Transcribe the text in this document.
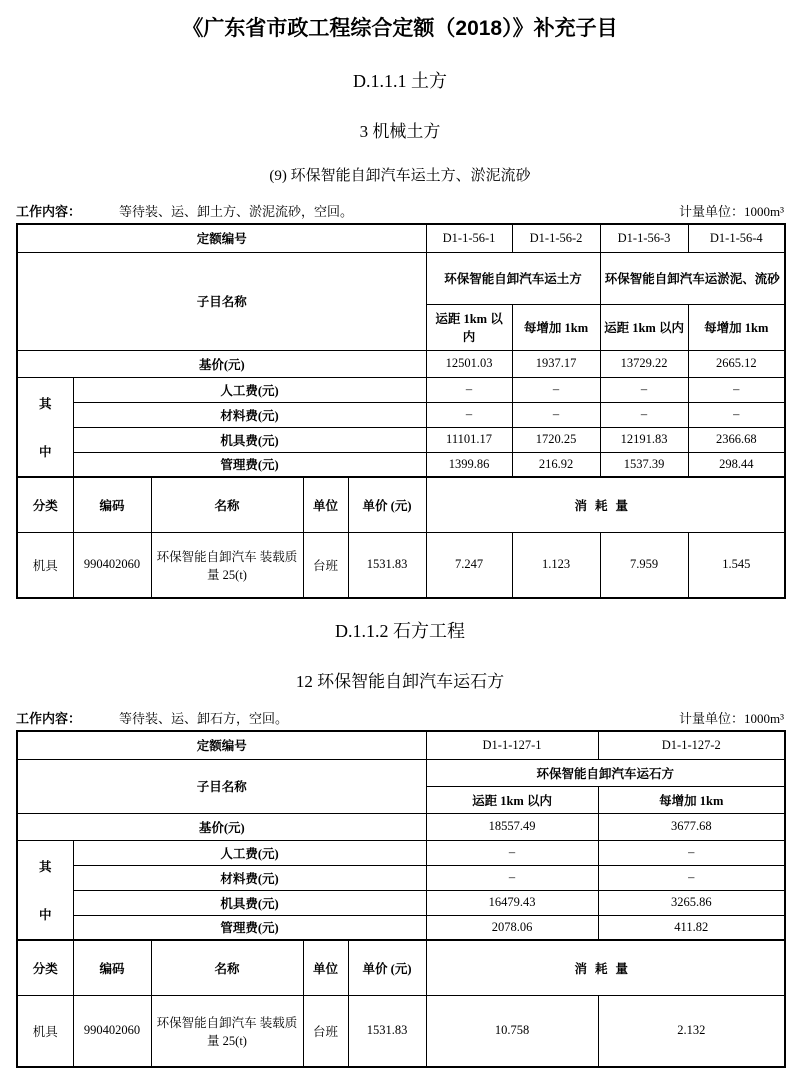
《广东省市政工程综合定额（2018）》补充子目
D.1.1.1 土方
3 机械土方
(9) 环保智能自卸汽车运土方、淤泥流砂
工作内容：	等待装、运、卸土方、淤泥流砂，空回。	计量单位：1000m³
定额编号					D1-1-56-1	D1-1-56-2	D1-1-56-3	D1-1-56-4
子目名称					环保智能自卸汽车运土方		环保智能自卸汽车运淤泥、流砂	
					运距 1km 以内	每增加 1km	运距 1km 以内	每增加 1km
基价(元)					12501.03	1937.17	13729.22	2665.12

其
中	人工费(元)				–	–	–	–
	材料费(元)				–	–	–	–
	机具费(元)				11101.17	1720.25	12191.83	2366.68
	管理费(元)				1399.86	216.92	1537.39	298.44
分类	编码	名称	单位	单价 (元)	消耗量			
机具	990402060	环保智能自卸汽车 装载质量 25(t)	台班	1531.83	7.247	1.123	7.959	1.545
D.1.1.2 石方工程
12 环保智能自卸汽车运石方
工作内容：	等待装、运、卸石方，空回。	计量单位：1000m³
定额编号					D1-1-127-1	D1-1-127-2
子目名称					环保智能自卸汽车运石方	
					运距 1km 以内	每增加 1km
基价(元)					18557.49	3677.68

其
中	人工费(元)				–	–
	材料费(元)				–	–
	机具费(元)				16479.43	3265.86
	管理费(元)				2078.06	411.82
分类	编码	名称	单位	单价 (元)	消耗量	
机具	990402060	环保智能自卸汽车 装载质量 25(t)	台班	1531.83	10.758	2.132
